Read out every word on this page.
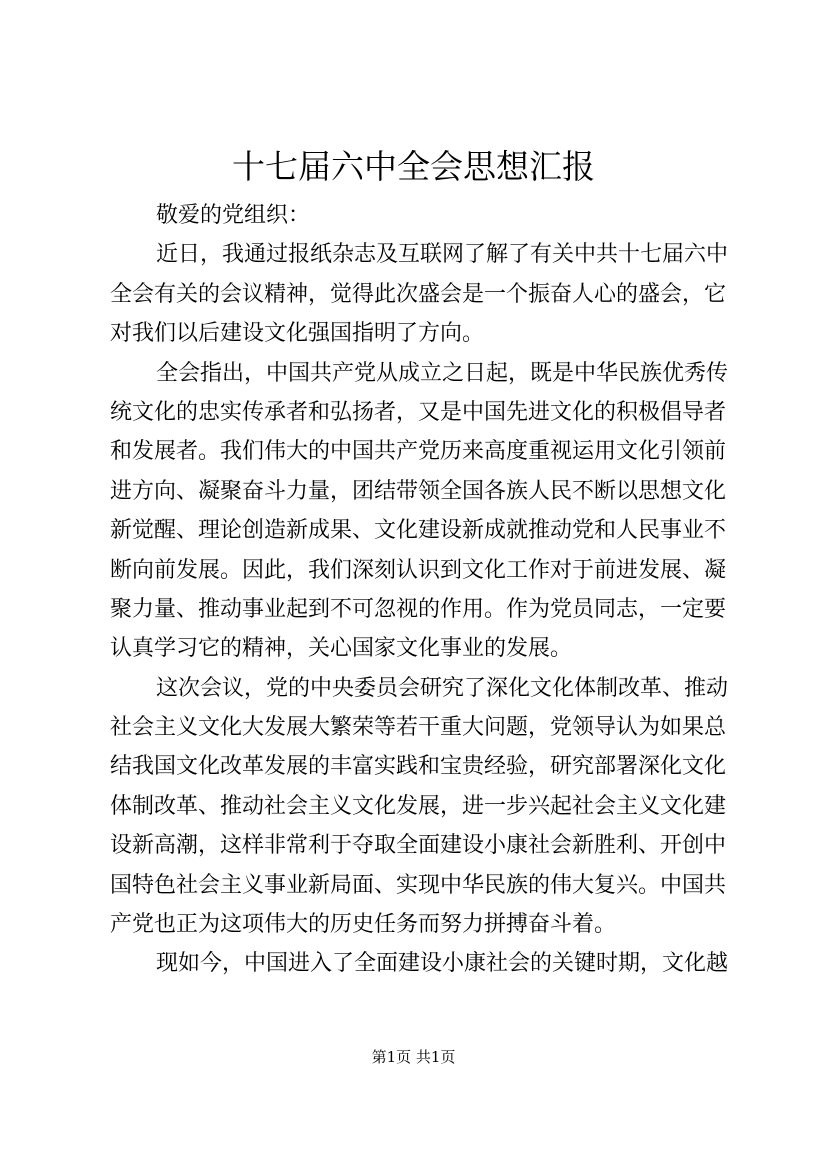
十七届六中全会思想汇报
敬爱的党组织：
近日，我通过报纸杂志及互联网了解了有关中共十七届六中
全会有关的会议精神，觉得此次盛会是一个振奋人心的盛会，它
对我们以后建设文化强国指明了方向。
全会指出，中国共产党从成立之日起，既是中华民族优秀传
统文化的忠实传承者和弘扬者，又是中国先进文化的积极倡导者
和发展者。我们伟大的中国共产党历来高度重视运用文化引领前
进方向、凝聚奋斗力量，团结带领全国各族人民不断以思想文化
新觉醒、理论创造新成果、文化建设新成就推动党和人民事业不
断向前发展。因此，我们深刻认识到文化工作对于前进发展、凝
聚力量、推动事业起到不可忽视的作用。作为党员同志，一定要
认真学习它的精神，关心国家文化事业的发展。
这次会议，党的中央委员会研究了深化文化体制改革、推动
社会主义文化大发展大繁荣等若干重大问题，党领导认为如果总
结我国文化改革发展的丰富实践和宝贵经验，研究部署深化文化
体制改革、推动社会主义文化发展，进一步兴起社会主义文化建
设新高潮，这样非常利于夺取全面建设小康社会新胜利、开创中
国特色社会主义事业新局面、实现中华民族的伟大复兴。中国共
产党也正为这项伟大的历史任务而努力拼搏奋斗着。
现如今，中国进入了全面建设小康社会的关键时期，文化越
第1页 共1页
